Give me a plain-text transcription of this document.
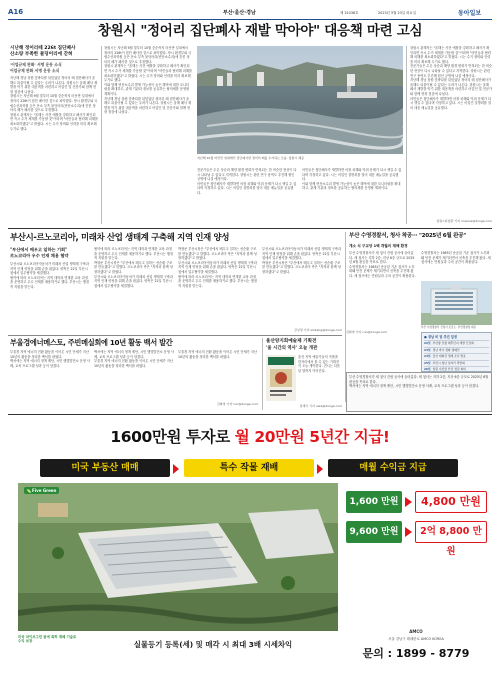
A16	부산·울산·경남	제 31038호	2023년 5월 23일 화요일	동아일보
창원시 "정어리 집단폐사 재발 막아야" 대응책 마련 고심
시난해 정어리떼 226t 집단폐사
산소량 부족한 물덩어리에 갇혀
'어업규제 완화' 서명 운동 소식
어업규제 완화 서명 운동 소식

지난해 경남 창원 앞바다를 뒤덮었던 정어리 떼 집단폐사가 올해도 되풀이될 수 있다는 우려가 나온다. 창원시는 올해 폐사 재발을 막기 위한 대응책을 마련하고 어업인 및 전문가와 함께 현장 점검에 나섰다.

창원시는 지난해 9월 말부터 10월 중순까지 마산만 일대에서 정어리 226t이 집단 폐사한 것으로 파악했다. 당시 환경부와 국립수산과학원 등은 산소 부족 물덩어리(빈산소수괴)에 갇힌 정어리 떼가 폐사한 것으로 추정했다.

창원시 관계자는 "올해는 사전 예찰을 강화하고 폐사가 확인되면 즉시 수거 체계를 가동할 것"이라며 "어민들과 협력해 피해를 최소화하겠다"고 밝혔다. 시는 수거 장비와 인력을 미리 확보해 두기로 했다.

창원시는 지난해 9월 말부터 10월 중순까지 마산만 일대에서 정어리 226t이 집단 폐사한 것으로 파악했다. 당시 환경부와 국립수산과학원 등은 산소 부족 물덩어리(빈산소수괴)에 갇힌 정어리 떼가 폐사한 것으로 추정했다.

창원시 관계자는 "올해는 사전 예찰을 강화하고 폐사가 확인되면 즉시 수거 체계를 가동할 것"이라며 "어민들과 협력해 피해를 최소화하겠다"고 밝혔다. 시는 수거 장비와 인력을 미리 확보해 두기로 했다.

이와 함께 빈산소수괴 발생 가능성이 높은 해역에 대한 모니터링을 확대하고, 관계 기관과 정보를 공유하는 협의체를 운영할 계획이다.

지난해 경남 창원 앞바다를 뒤덮었던 정어리 떼 집단폐사가 올해도 되풀이될 수 있다는 우려가 나온다. 창원시는 올해 폐사 재발을 막기 위한 대응책을 마련하고 어업인 및 전문가와 함께 현장 점검에 나섰다.

지난해 10월 마산만 일대에서 집단폐사한 정어리 떼를 수거하는 모습. 창원시 제공

전문가들은 수온 상승과 해양 환경 변화가 반복되는 한 비슷한 현상이 다시 나타날 수 있다고 지적한다. 창원시는 관련 연구 용역도 추진해 원인 규명에 나설 예정이다.

어민들은 집단폐사가 재발하면 어장 피해와 악취 문제가 다시 생길 수 있다며 걱정하고 있다. 시는 어업인 설명회를 열어 대응 매뉴얼을 공유했다.

어민들은 집단폐사가 재발하면 어장 피해와 악취 문제가 다시 생길 수 있다며 걱정하고 있다. 시는 어업인 설명회를 열어 대응 매뉴얼을 공유했다.

이와 함께 빈산소수괴 발생 가능성이 높은 해역에 대한 모니터링을 확대하고, 관계 기관과 정보를 공유하는 협의체를 운영할 계획이다.

창원시 관계자는 "올해는 사전 예찰을 강화하고 폐사가 확인되면 즉시 수거 체계를 가동할 것"이라며 "어민들과 협력해 피해를 최소화하겠다"고 밝혔다. 시는 수거 장비와 인력을 미리 확보해 두기로 했다.

전문가들은 수온 상승과 해양 환경 변화가 반복되는 한 비슷한 현상이 다시 나타날 수 있다고 지적한다. 창원시는 관련 연구 용역도 추진해 원인 규명에 나설 예정이다.

지난해 경남 창원 앞바다를 뒤덮었던 정어리 떼 집단폐사가 올해도 되풀이될 수 있다는 우려가 나온다. 창원시는 올해 폐사 재발을 막기 위한 대응책을 마련하고 어업인 및 전문가와 함께 현장 점검에 나섰다.

어민들은 집단폐사가 재발하면 어장 피해와 악취 문제가 다시 생길 수 있다며 걱정하고 있다. 시는 어업인 설명회를 열어 대응 매뉴얼을 공유했다.

창원=최창환 기자 oneone@donga.com
부산시-르노코리아, 미래차 산업 생태계 구축해 지역 인재 양성
"부산에서 배우고 일하는 기회"
르노코리아 우수 인재 채용 협약

부산시와 르노코리아자동차가 미래차 산업 생태계 구축과 지역 인재 양성을 위해 손을 잡았다. 양측은 22일 부산시청에서 업무협약을 체결했다.

협약에 따라 르노코리아는 지역 대학과 연계한 교육 과정을 운영하고 우수 인재를 채용하기로 했다. 부산시는 행정적 지원을 맡는다.

협약에 따라 르노코리아는 지역 대학과 연계한 교육 과정을 운영하고 우수 인재를 채용하기로 했다. 부산시는 행정적 지원을 맡는다.

박형준 부산시장은 "부산에서 배우고 일하는 선순환 구조를 만들겠다"고 말했다. 르노코리아 측은 "지역과 함께 성장하겠다"고 밝혔다.

부산시와 르노코리아자동차가 미래차 산업 생태계 구축과 지역 인재 양성을 위해 손을 잡았다. 양측은 22일 부산시청에서 업무협약을 체결했다.

박형준 부산시장은 "부산에서 배우고 일하는 선순환 구조를 만들겠다"고 말했다. 르노코리아 측은 "지역과 함께 성장하겠다"고 밝혔다.

부산시와 르노코리아자동차가 미래차 산업 생태계 구축과 지역 인재 양성을 위해 손을 잡았다. 양측은 22일 부산시청에서 업무협약을 체결했다.

협약에 따라 르노코리아는 지역 대학과 연계한 교육 과정을 운영하고 우수 인재를 채용하기로 했다. 부산시는 행정적 지원을 맡는다.

부산시와 르노코리아자동차가 미래차 산업 생태계 구축과 지역 인재 양성을 위해 손을 잡았다. 양측은 22일 부산시청에서 업무협약을 체결했다.

박형준 부산시장은 "부산에서 배우고 일하는 선순환 구조를 만들겠다"고 말했다. 르노코리아 측은 "지역과 함께 성장하겠다"고 밝혔다.

강성명 기자 smkang@donga.com
부산 수영경찰서, 청사 착공··· "2025년 6월 완공"
개소 식 구교당 1백 개월의 재해 환경

부산 수영경찰서가 새 청사 건립 공사에 들어갔다. 새 청사는 지하 2층, 지상 6층 규모로 2025년 6월 완공을 목표로 한다.

수영경찰서는 1985년 준공된 기존 청사가 노후화돼 안전 문제가 제기되면서 신축을 추진해 왔다. 새 청사에는 민원실과 주차 공간이 확충된다.

수영경찰서는 1985년 준공된 기존 청사가 노후화돼 안전 문제가 제기되면서 신축을 추진해 왔다. 새 청사에는 민원실과 주차 공간이 확충된다.

부산 수영경찰서 신청사 조감도. 부산경찰청 제공
● 경남 비 및 추진 일정
22일 부산항 신항 배후단지 개발 간담회
23일 경남 바다 정화 캠페인
24일 울산 태화강 생태 조사 발표
25일 부산시 청년 일자리 박람회
26일 창원 수산물 안전 점검 회의
부울경에너메스토, 주빈메실회에 10년 활동 백서 발간

부울경 지역 에너지 전환 활동을 이어온 시민 단체가 지난 10년의 활동을 정리한 백서를 펴냈다.

백서에는 지역 에너지 정책 제안, 시민 햇빛발전소 운영 사례, 교육 프로그램 성과 등이 담겼다.

백서에는 지역 에너지 정책 제안, 시민 햇빛발전소 운영 사례, 교육 프로그램 성과 등이 담겼다.

부울경 지역 에너지 전환 활동을 이어온 시민 단체가 지난 10년의 활동을 정리한 백서를 펴냈다.

부울경 지역 에너지 전환 활동을 이어온 시민 단체가 지난 10년의 활동을 정리한 백서를 펴냈다.

김화영 기자 run@donga.com
울산양지회예술제 기획전
'울 시간의 역사' 오늘 개관

울산 지역 예술가들의 작품을 한자리에서 볼 수 있는 기획전이 오늘 개막한다. 전시는 다음 달 말까지 이어진다.

정재락 기자 raks@donga.com

부산 수영경찰서가 새 청사 건립 공사에 들어갔다. 새 청사는 지하 2층, 지상 6층 규모로 2025년 6월 완공을 목표로 한다.

백서에는 지역 에너지 정책 제안, 시민 햇빛발전소 운영 사례, 교육 프로그램 성과 등이 담겼다.

김화영 기자 run@donga.com
1600만원 투자로 월 20만원 5년간 지급!
미국 부동산 매매	특수 작물 재배	매월 수익금 지급
Five Green
1,600 만원	4,800 만원
9,600 만원	2억 8,800 만원
미국 파이브그린 팜에 특허 재배 기술로 수익 보장	실물등기 등록(세) 및 매각 시 최대 3배 시세차익
AMCO
서울 강남구 테헤란로 AMCO KOREA
문의 : 1899 - 8779
